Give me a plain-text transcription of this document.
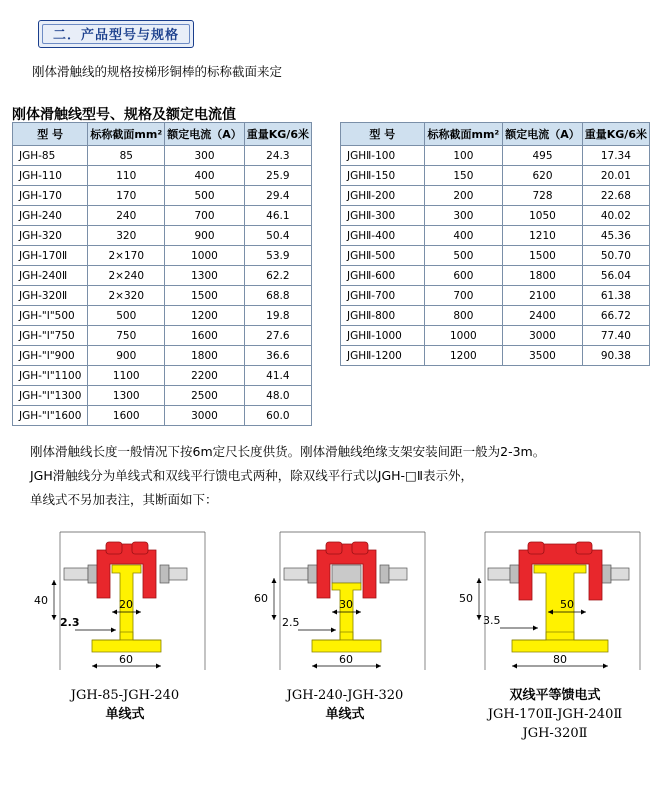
二．产品型号与规格
刚体滑触线的规格按梯形铜棒的标称截面来定
刚体滑触线型号、规格及额定电流值
型 号	标称截面mm²	额定电流（A）	重量KG/6米
JGH-85	85	300	24.3
JGH-110	110	400	25.9
JGH-170	170	500	29.4
JGH-240	240	700	46.1
JGH-320	320	900	50.4
JGH-170Ⅱ	2×170	1000	53.9
JGH-240Ⅱ	2×240	1300	62.2
JGH-320Ⅱ	2×320	1500	68.8
JGH-"Ⅰ"500	500	1200	19.8
JGH-"Ⅰ"750	750	1600	27.6
JGH-"Ⅰ"900	900	1800	36.6
JGH-"Ⅰ"1100	1100	2200	41.4
JGH-"Ⅰ"1300	1300	2500	48.0
JGH-"Ⅰ"1600	1600	3000	60.0
型 号	标称截面mm²	额定电流（A）	重量KG/6米
JGHⅡ-100	100	495	17.34
JGHⅡ-150	150	620	20.01
JGHⅡ-200	200	728	22.68
JGHⅡ-300	300	1050	40.02
JGHⅡ-400	400	1210	45.36
JGHⅡ-500	500	1500	50.70
JGHⅡ-600	600	1800	56.04
JGHⅡ-700	700	2100	61.38
JGHⅡ-800	800	2400	66.72
JGHⅡ-1000	1000	3000	77.40
JGHⅡ-1200	1200	3500	90.38
刚体滑触线长度一般情况下按6m定尺长度供货。刚体滑触线绝缘支架安装间距一般为2-3m。
JGH滑触线分为单线式和双线平行馈电式两种，除双线平行式以JGH-□Ⅱ表示外，
单线式不另加表注，其断面如下：
40
2.3
20
60
JGH-85-JGH-240
单线式
60
2.5
30
60
JGH-240-JGH-320
单线式
50
3.5
50
80
双线平等馈电式
JGH-170Ⅱ-JGH-240Ⅱ
JGH-320Ⅱ
